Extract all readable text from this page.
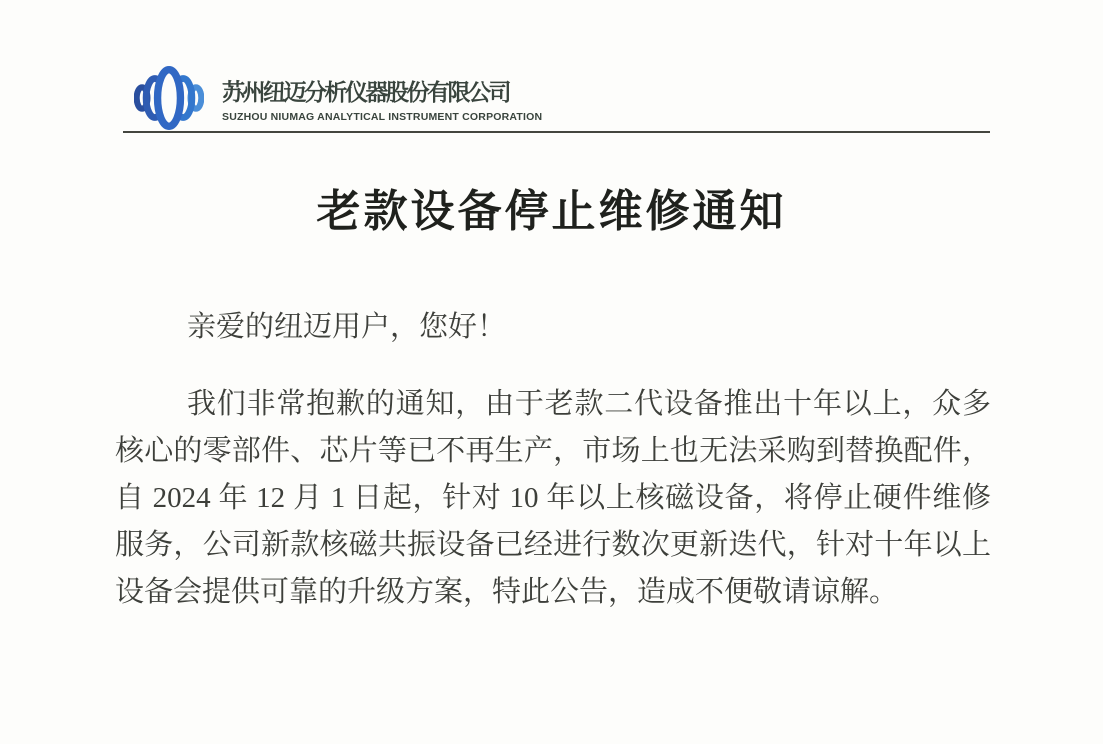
苏州纽迈分析仪器股份有限公司
SUZHOU NIUMAG ANALYTICAL INSTRUMENT CORPORATION
老款设备停止维修通知

亲爱的纽迈用户，您好！

我们非常抱歉的通知，由于老款二代设备推出十年以上，众多核心的零部件、芯片等已不再生产，市场上也无法采购到替换配件，自 2024 年 12 月 1 日起，针对 10 年以上核磁设备，将停止硬件维修服务，公司新款核磁共振设备已经进行数次更新迭代，针对十年以上设备会提供可靠的升级方案，特此公告，造成不便敬请谅解。
